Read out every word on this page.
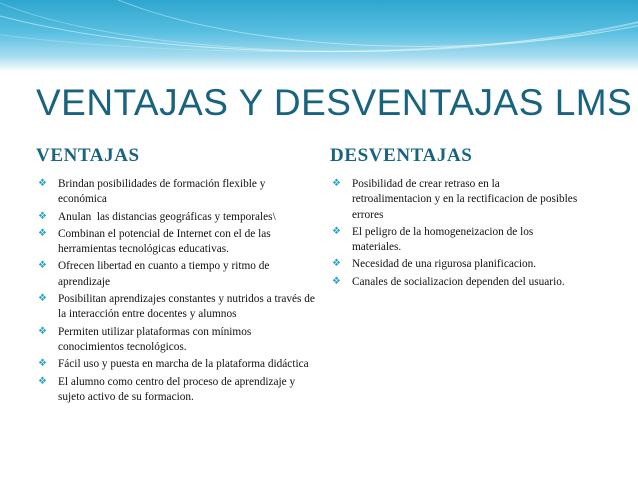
VENTAJAS Y DESVENTAJAS LMS
VENTAJAS	DESVENTAJAS
❖ Brindan posibilidades de formación flexible y económica
❖ Anulan  las distancias geográficas y temporales\
❖ Combinan el potencial de Internet con el de las herramientas tecnológicas educativas.
❖ Ofrecen libertad en cuanto a tiempo y ritmo de aprendizaje
❖ Posibilitan aprendizajes constantes y nutridos a través de la interacción entre docentes y alumnos
❖ Permiten utilizar plataformas con mínimos conocimientos tecnológicos.
❖ Fácil uso y puesta en marcha de la plataforma didáctica
❖ El alumno como centro del proceso de aprendizaje y sujeto activo de su formacion.
❖ Posibilidad de crear retraso en la retroalimentacion y en la rectificacion de posibles errores
❖ El peligro de la homogeneizacion de los materiales.
❖ Necesidad de una rigurosa planificacion.
❖ Canales de socializacion dependen del usuario.
